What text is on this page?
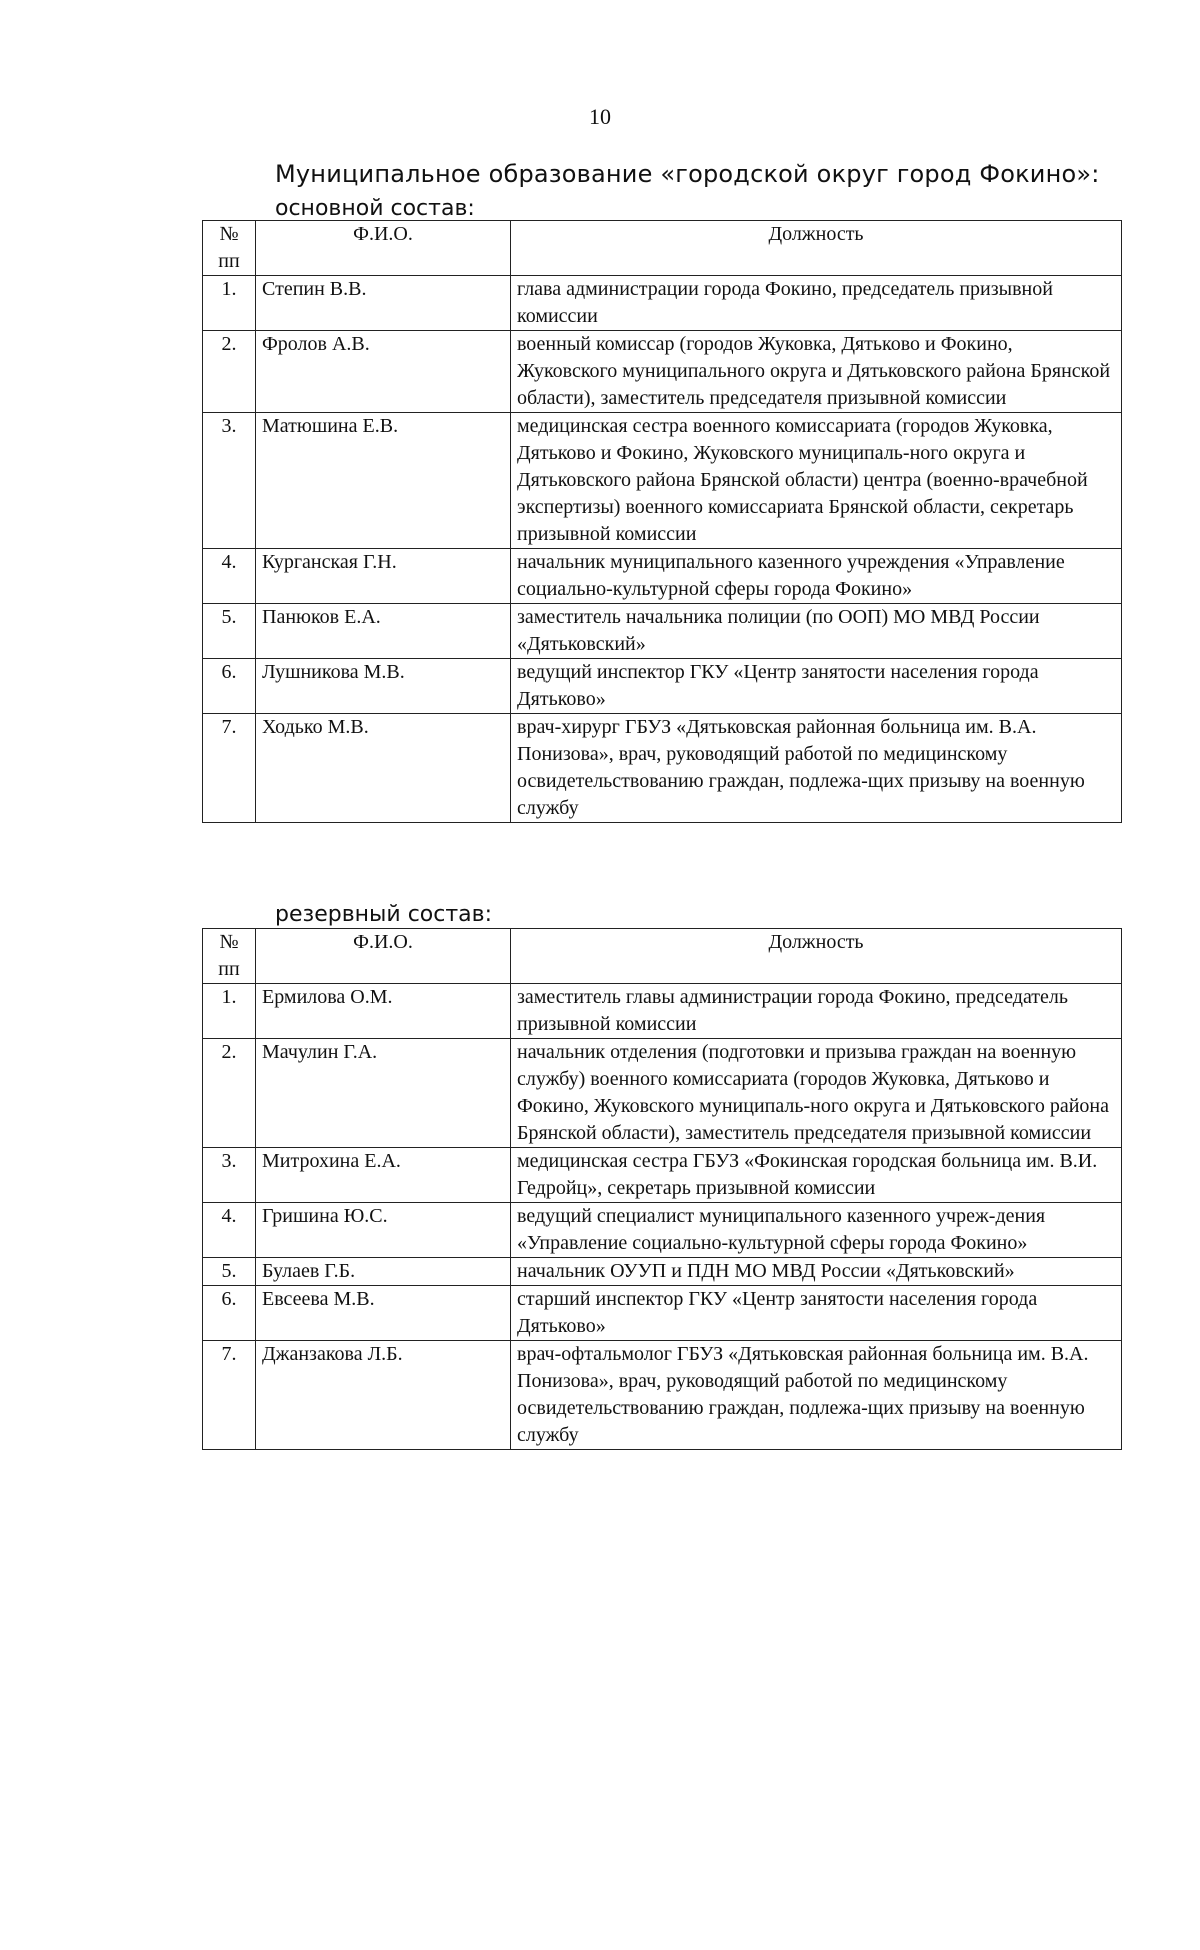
10
Муниципальное образование «городской округ город Фокино»:
основной состав:
№
пп	Ф.И.О.	Должность
1.	Степин В.В.	глава администрации города Фокино, председатель призывной комиссии
2.	Фролов А.В.	военный комиссар (городов Жуковка, Дятьково и Фокино, Жуковского муниципального округа и Дятьковского района Брянской области), заместитель председателя призывной комиссии
3.	Матюшина Е.В.	медицинская сестра военного комиссариата (городов Жуковка, Дятьково и Фокино, Жуковского муниципаль-ного округа и Дятьковского района Брянской области) центра (военно-врачебной экспертизы) военного комиссариата Брянской области, секретарь призывной комиссии
4.	Курганская Г.Н.	начальник муниципального казенного учреждения «Управление социально-культурной сферы города Фокино»
5.	Панюков Е.А.	заместитель начальника полиции (по ООП) МО МВД России «Дятьковский»
6.	Лушникова М.В.	ведущий инспектор ГКУ «Центр занятости населения города Дятьково»
7.	Ходько М.В.	врач-хирург ГБУЗ «Дятьковская районная больница им. В.А. Понизова», врач, руководящий работой по медицинскому освидетельствованию граждан, подлежа-щих призыву на военную службу
резервный состав:
№
пп	Ф.И.О.	Должность
1.	Ермилова О.М.	заместитель главы администрации города Фокино, председатель призывной комиссии
2.	Мачулин Г.А.	начальник отделения (подготовки и призыва граждан на военную службу) военного комиссариата (городов Жуковка, Дятьково и Фокино, Жуковского муниципаль-ного округа и Дятьковского района Брянской области), заместитель председателя призывной комиссии
3.	Митрохина Е.А.	медицинская сестра ГБУЗ «Фокинская городская больница им. В.И. Гедройц», секретарь призывной комиссии
4.	Гришина Ю.С.	ведущий специалист муниципального казенного учреж-дения «Управление социально-культурной сферы города Фокино»
5.	Булаев Г.Б.	начальник ОУУП и ПДН МО МВД России «Дятьковский»
6.	Евсеева М.В.	старший инспектор ГКУ «Центр занятости населения города Дятьково»
7.	Джанзакова Л.Б.	врач-офтальмолог ГБУЗ «Дятьковская районная больница им. В.А. Понизова», врач, руководящий работой по медицинскому освидетельствованию граждан, подлежа-щих призыву на военную службу
